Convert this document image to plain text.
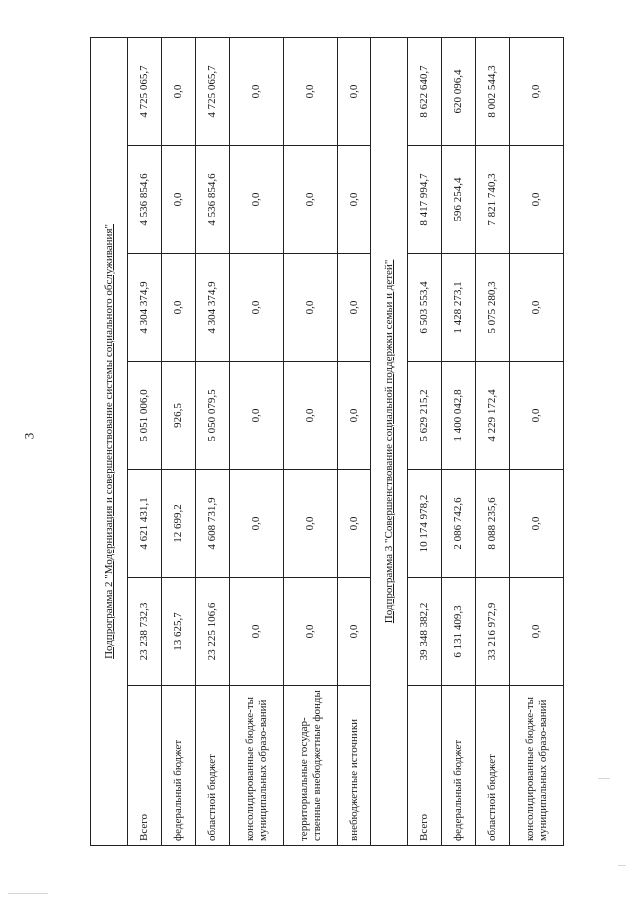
3	Подпрограмма 2 "Модернизация и совершенствование системы социального обслуживания"						
Всего	23 238 732,3	4 621 431,1	5 051 006,0	4 304 374,9	4 536 854,6	4 725 065,7
федеральный бюджет	13 625,7	12 699,2	926,5	0,0	0,0	0,0
областной бюджет	23 225 106,6	4 608 731,9	5 050 079,5	4 304 374,9	4 536 854,6	4 725 065,7
консолидированные бюдже-ты муниципальных образо-ваний	0,0	0,0	0,0	0,0	0,0	0,0
территориальные государ-ственные внебюджетные фонды	0,0	0,0	0,0	0,0	0,0	0,0
внебюджетные источники	0,0	0,0	0,0	0,0	0,0	0,0
Подпрограмма 3 "Совершенствование социальной поддержки семьи и детей"						
Всего	39 348 382,2	10 174 978,2	5 629 215,2	6 503 553,4	8 417 994,7	8 622 640,7
федеральный бюджет	6 131 409,3	2 086 742,6	1 400 042,8	1 428 273,1	596 254,4	620 096,4
областной бюджет	33 216 972,9	8 088 235,6	4 229 172,4	5 075 280,3	7 821 740,3	8 002 544,3
консолидированные бюдже-ты муниципальных образо-ваний	0,0	0,0	0,0	0,0	0,0	0,0
